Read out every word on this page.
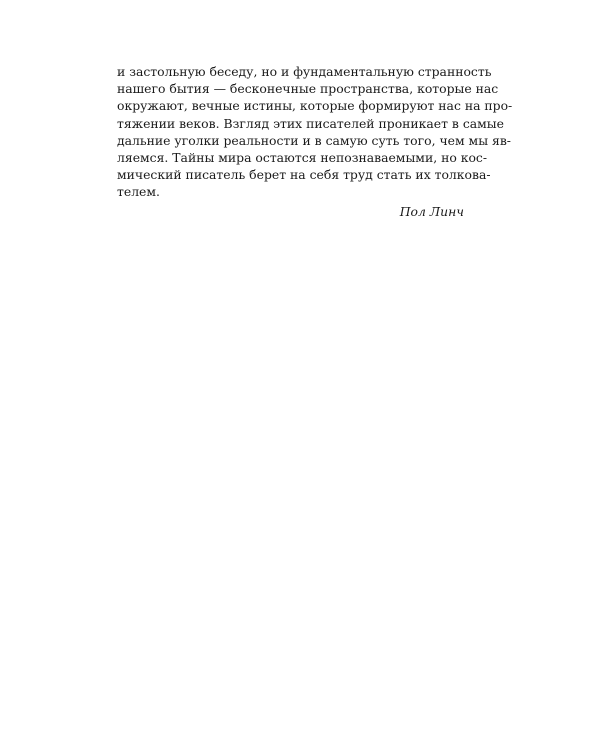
и застольную беседу, но и фундаментальную странность
нашего бытия — бесконечные пространства, которые нас
окружают, вечные истины, которые формируют нас на про-
тяжении веков. Взгляд этих писателей проникает в самые
дальние уголки реальности и в самую суть того, чем мы яв-
ляемся. Тайны мира остаются непознаваемыми, но кос-
мический писатель берет на себя труд стать их толкова-
телем.
Пол Линч
